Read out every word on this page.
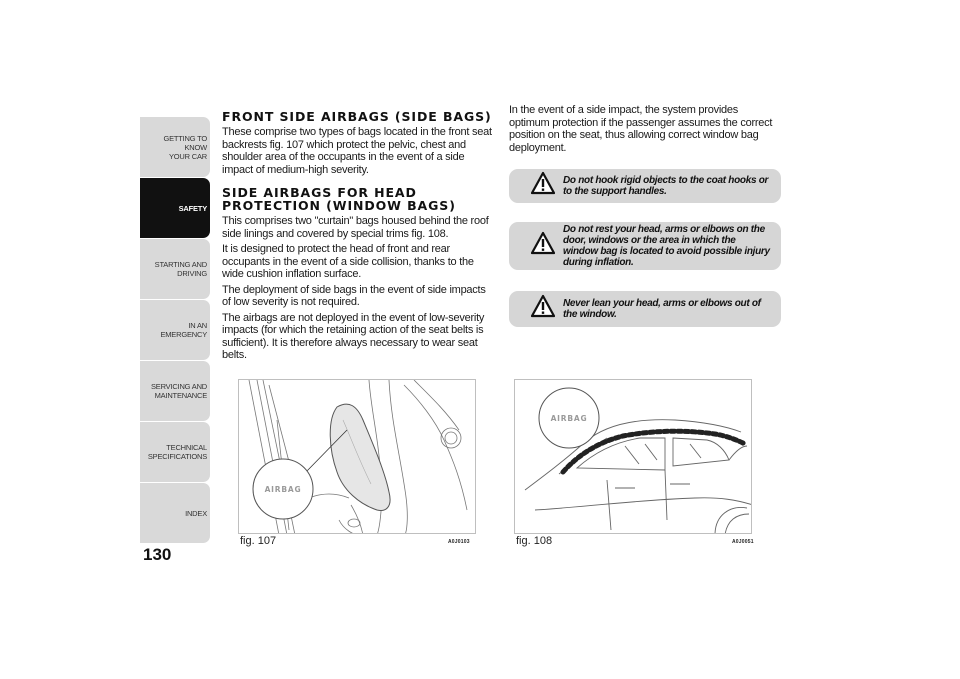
GETTING TO KNOW
YOUR CAR
SAFETY
STARTING AND
DRIVING
IN AN EMERGENCY
SERVICING AND
MAINTENANCE
TECHNICAL
SPECIFICATIONS
INDEX
130
FRONT SIDE AIRBAGS (SIDE BAGS)

These comprise two types of bags located in the front seat backrests fig. 107 which protect the pelvic, chest and shoulder area of the occupants in the event of a side impact of medium-high severity.

SIDE AIRBAGS FOR HEAD PROTECTION (WINDOW BAGS)

This comprises two "curtain" bags housed behind the roof side linings and covered by special trims fig. 108.

It is designed to protect the head of front and rear occupants in the event of a side collision, thanks to the wide cushion inflation surface.

The deployment of side bags in the event of side impacts of low severity is not required.

The airbags are not deployed in the event of low-severity impacts (for which the retaining action of the seat belts is sufficient). It is therefore always necessary to wear seat belts.

In the event of a side impact, the system provides optimum protection if the passenger assumes the correct position on the seat, thus allowing correct window bag deployment.

Do not hook rigid objects to the coat hooks or to the support handles.
Do not rest your head, arms or elbows on the door, windows or the area in which the window bag is located to avoid possible injury during inflation.
Never lean your head, arms or elbows out of the window.
AIRBAG
fig. 107	A0J0103
AIRBAG
fig. 108	A0J0051
